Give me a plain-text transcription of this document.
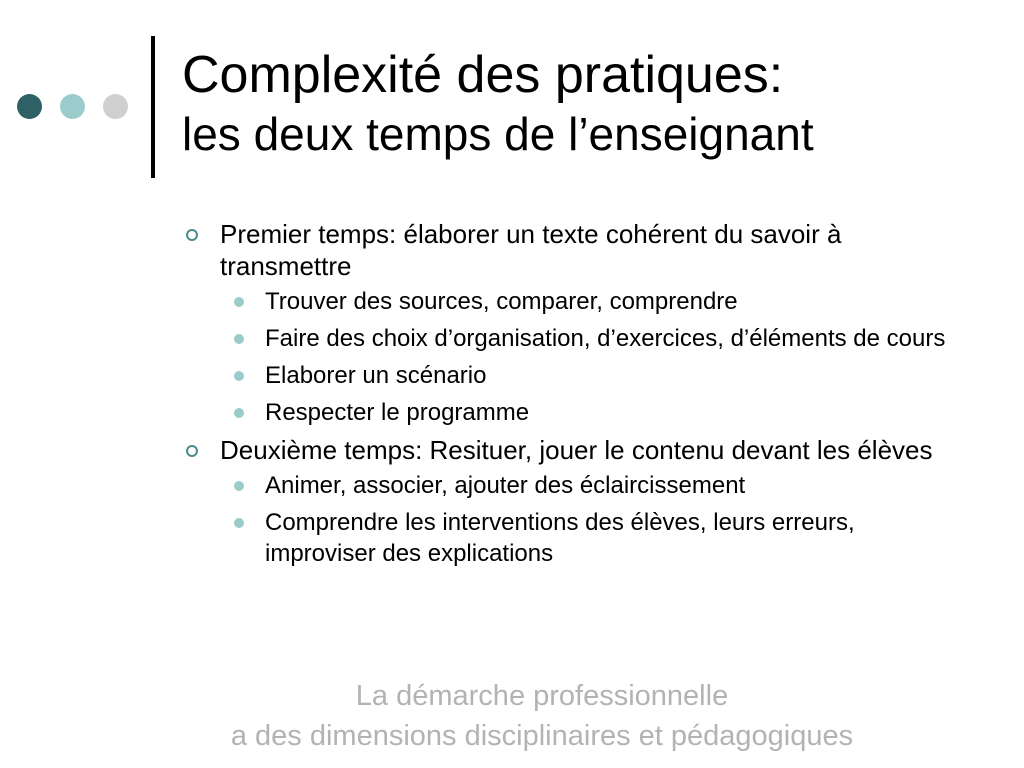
Complexité des pratiques:
les deux temps de l’enseignant
Premier temps: élaborer un texte cohérent du savoir à transmettre
Trouver des sources, comparer, comprendre
Faire des choix d’organisation, d’exercices, d’éléments de cours
Elaborer un scénario
Respecter le programme
Deuxième temps: Resituer, jouer le contenu devant les élèves
Animer, associer, ajouter des éclaircissement
Comprendre les interventions des élèves, leurs erreurs, improviser des explications
La démarche professionnelle
a des dimensions disciplinaires et pédagogiques
